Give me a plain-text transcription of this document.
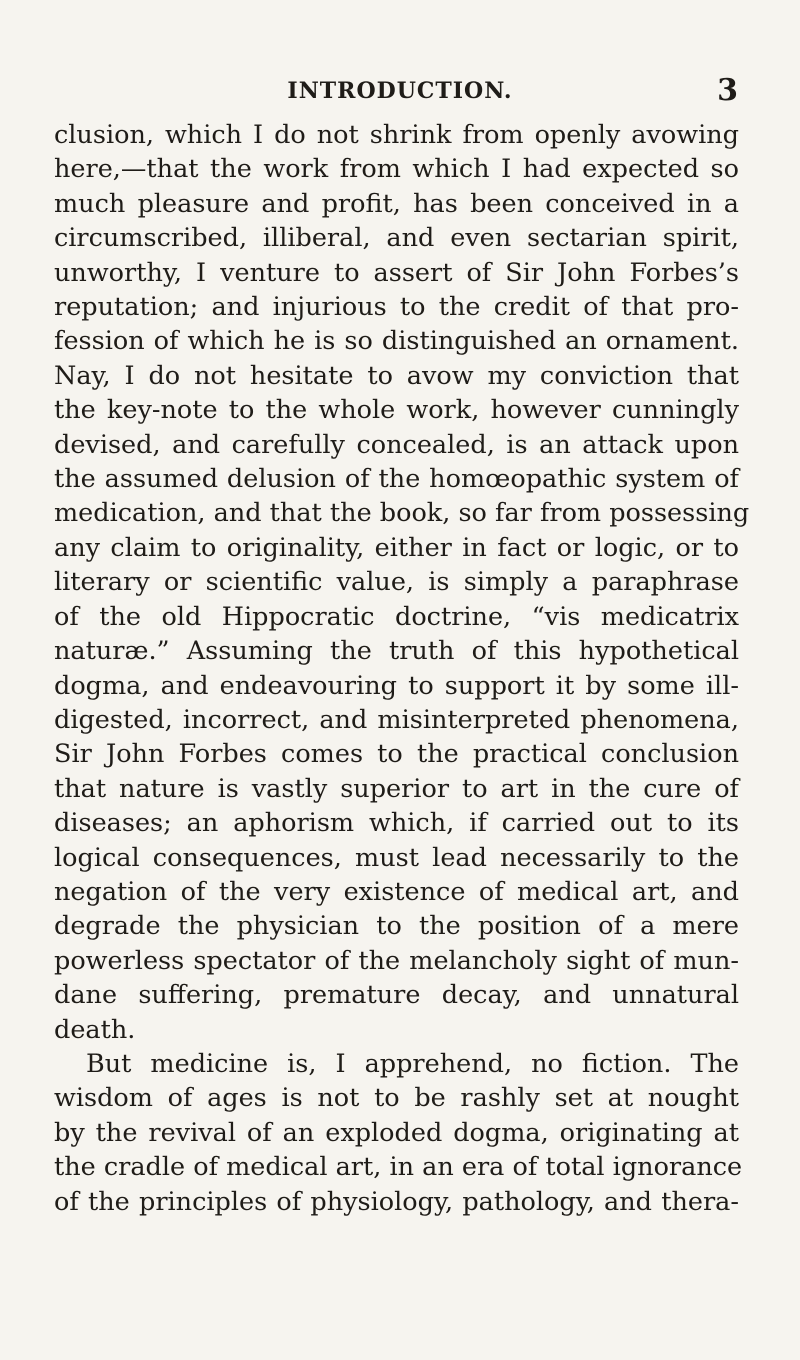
INTRODUCTION.	3
clusion, which I do not shrink from openly avowing
here,—that the work from which I had expected so
much pleasure and profit, has been conceived in a
circumscribed, illiberal, and even sectarian spirit,
unworthy, I venture to assert of Sir John Forbes’s
reputation; and injurious to the credit of that pro-
fession of which he is so distinguished an ornament.
Nay, I do not hesitate to avow my conviction that
the key-note to the whole work, however cunningly
devised, and carefully concealed, is an attack upon
the assumed delusion of the homœopathic system of
medication, and that the book, so far from possessing
any claim to originality, either in fact or logic, or to
literary or scientific value, is simply a paraphrase
of the old Hippocratic doctrine, “vis medicatrix
naturæ.” Assuming the truth of this hypothetical
dogma, and endeavouring to support it by some ill-
digested, incorrect, and misinterpreted phenomena,
Sir John Forbes comes to the practical conclusion
that nature is vastly superior to art in the cure of
diseases; an aphorism which, if carried out to its
logical consequences, must lead necessarily to the
negation of the very existence of medical art, and
degrade the physician to the position of a mere
powerless spectator of the melancholy sight of mun-
dane suffering, premature decay, and unnatural
death.
But medicine is, I apprehend, no fiction. The
wisdom of ages is not to be rashly set at nought
by the revival of an exploded dogma, originating at
the cradle of medical art, in an era of total ignorance
of the principles of physiology, pathology, and thera-
